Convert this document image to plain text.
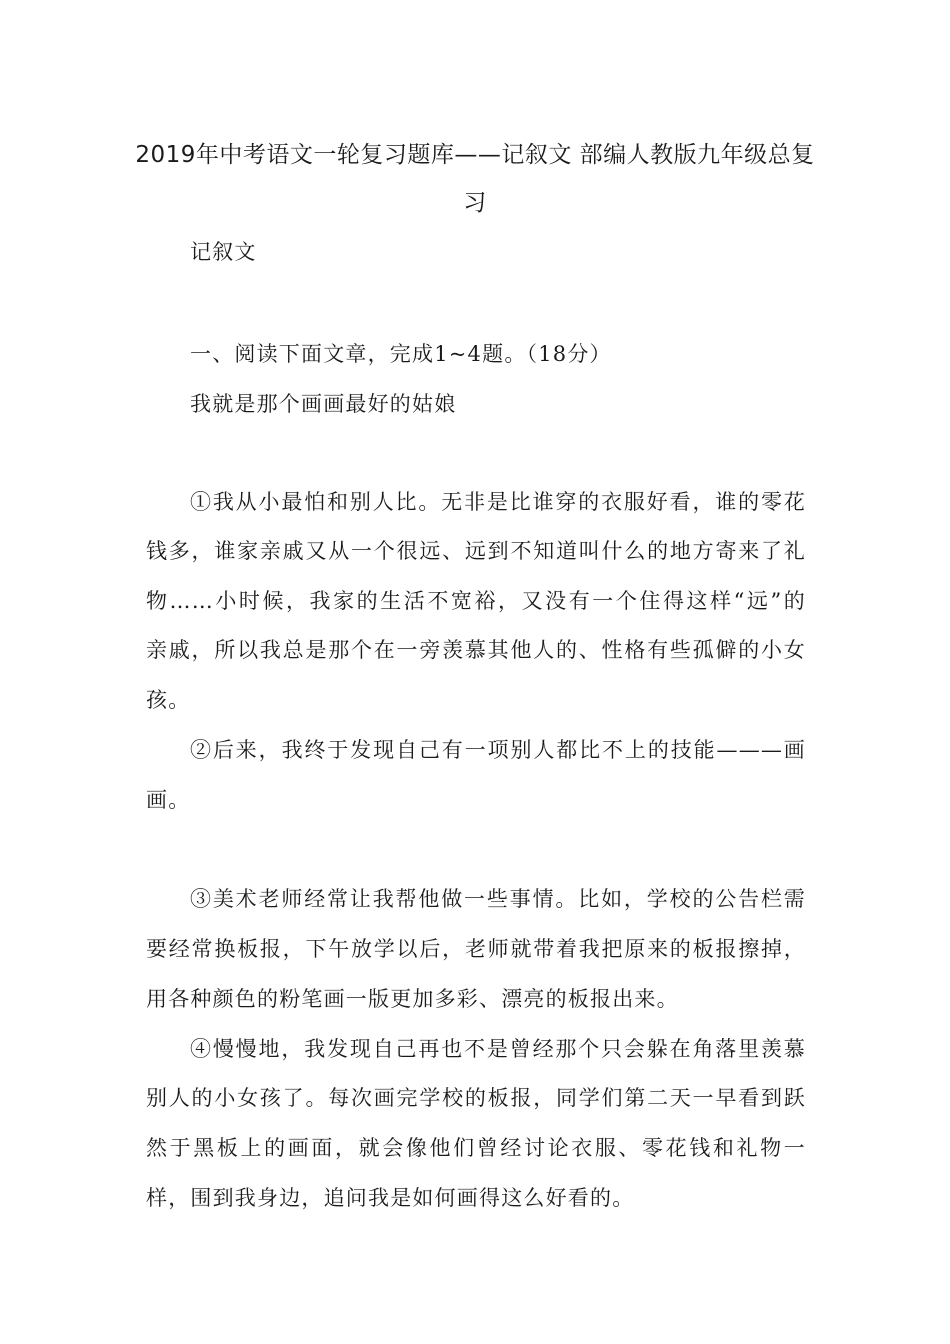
2019年中考语文一轮复习题库——记叙文 部编人教版九年级总复
习

记叙文

一、阅读下面文章，完成1~4题。（18分）

我就是那个画画最好的姑娘

①我从小最怕和别人比。无非是比谁穿的衣服好看，谁的零花

钱多，谁家亲戚又从一个很远、远到不知道叫什么的地方寄来了礼

物……小时候，我家的生活不宽裕，又没有一个住得这样“远”的

亲戚，所以我总是那个在一旁羡慕其他人的、性格有些孤僻的小女

孩。

②后来，我终于发现自己有一项别人都比不上的技能———画

画。

③美术老师经常让我帮他做一些事情。比如，学校的公告栏需

要经常换板报，下午放学以后，老师就带着我把原来的板报擦掉，

用各种颜色的粉笔画一版更加多彩、漂亮的板报出来。

④慢慢地，我发现自己再也不是曾经那个只会躲在角落里羡慕

别人的小女孩了。每次画完学校的板报，同学们第二天一早看到跃

然于黑板上的画面，就会像他们曾经讨论衣服、零花钱和礼物一

样，围到我身边，追问我是如何画得这么好看的。
